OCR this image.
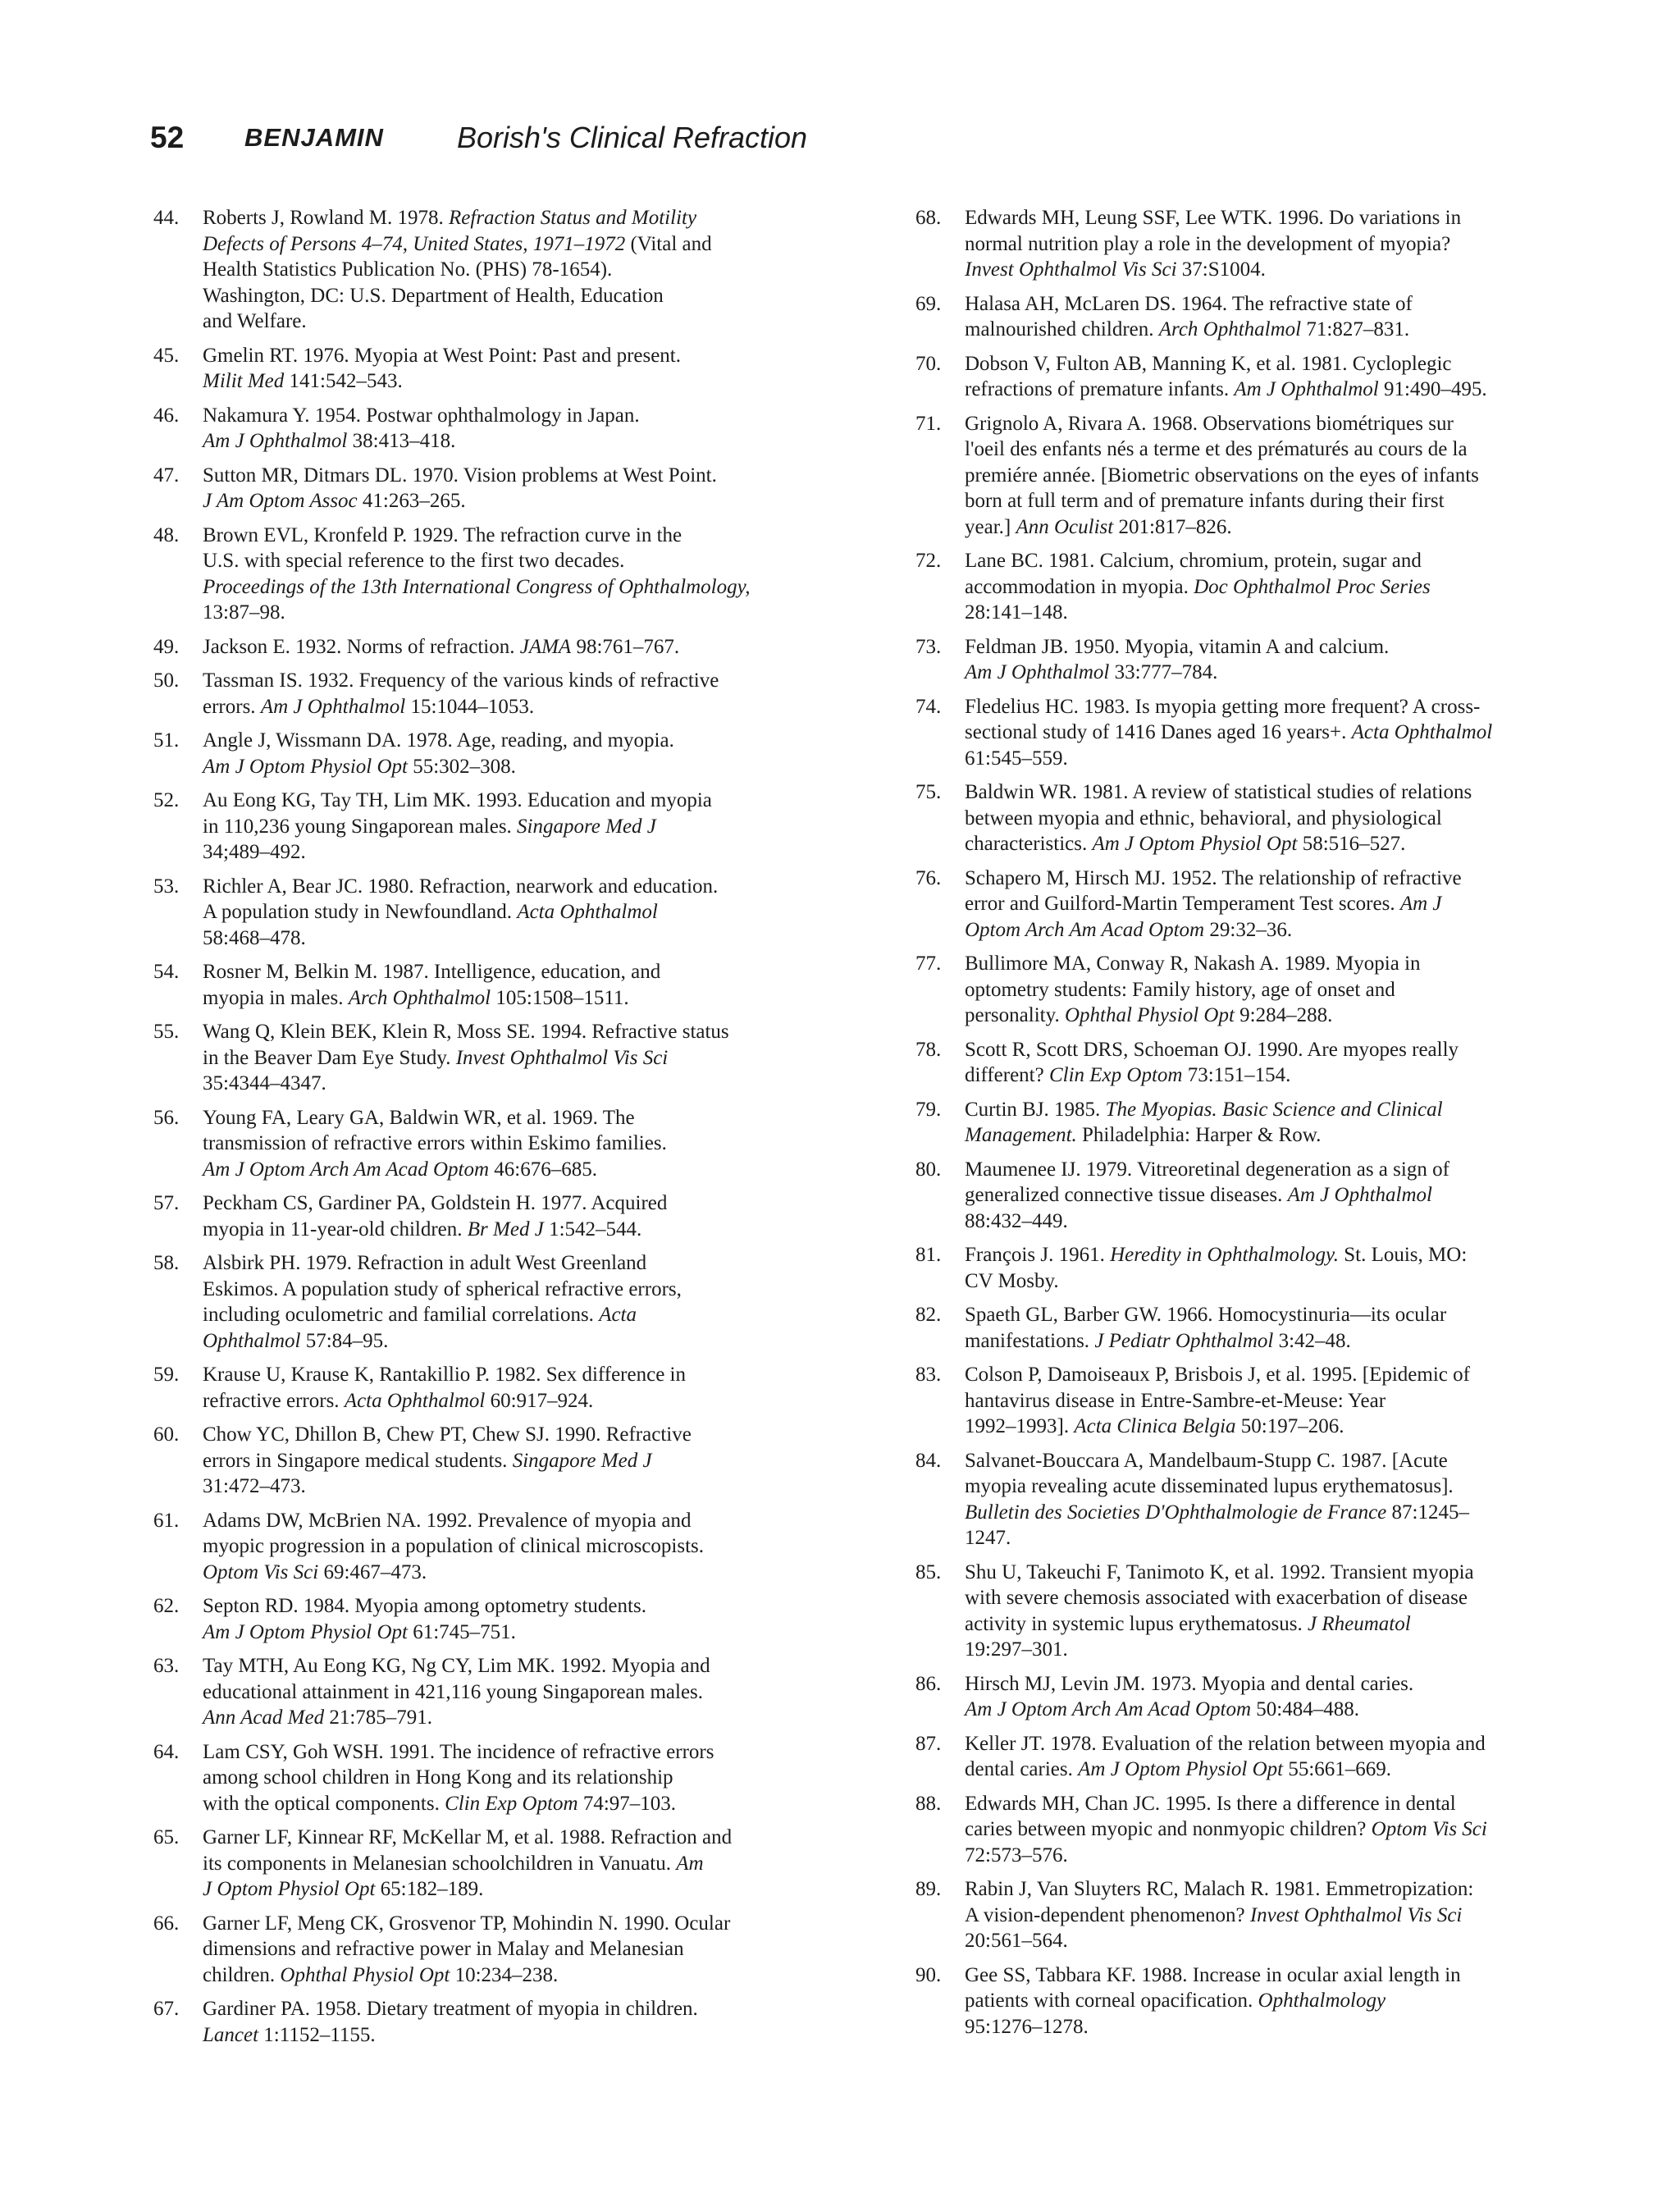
52 BENJAMIN Borish's Clinical Refraction
44. Roberts J, Rowland M. 1978. Refraction Status and Motility
Defects of Persons 4–74, United States, 1971–1972 (Vital and
Health Statistics Publication No. (PHS) 78-1654).
Washington, DC: U.S. Department of Health, Education
and Welfare.
45. Gmelin RT. 1976. Myopia at West Point: Past and present.
Milit Med 141:542–543.
46. Nakamura Y. 1954. Postwar ophthalmology in Japan.
Am J Ophthalmol 38:413–418.
47. Sutton MR, Ditmars DL. 1970. Vision problems at West Point.
J Am Optom Assoc 41:263–265.
48. Brown EVL, Kronfeld P. 1929. The refraction curve in the
U.S. with special reference to the first two decades.
Proceedings of the 13th International Congress of Ophthalmology,
13:87–98.
49. Jackson E. 1932. Norms of refraction. JAMA 98:761–767.
50. Tassman IS. 1932. Frequency of the various kinds of refractive
errors. Am J Ophthalmol 15:1044–1053.
51. Angle J, Wissmann DA. 1978. Age, reading, and myopia.
Am J Optom Physiol Opt 55:302–308.
52. Au Eong KG, Tay TH, Lim MK. 1993. Education and myopia
in 110,236 young Singaporean males. Singapore Med J
34;489–492.
53. Richler A, Bear JC. 1980. Refraction, nearwork and education.
A population study in Newfoundland. Acta Ophthalmol
58:468–478.
54. Rosner M, Belkin M. 1987. Intelligence, education, and
myopia in males. Arch Ophthalmol 105:1508–1511.
55. Wang Q, Klein BEK, Klein R, Moss SE. 1994. Refractive status
in the Beaver Dam Eye Study. Invest Ophthalmol Vis Sci
35:4344–4347.
56. Young FA, Leary GA, Baldwin WR, et al. 1969. The
transmission of refractive errors within Eskimo families.
Am J Optom Arch Am Acad Optom 46:676–685.
57. Peckham CS, Gardiner PA, Goldstein H. 1977. Acquired
myopia in 11-year-old children. Br Med J 1:542–544.
58. Alsbirk PH. 1979. Refraction in adult West Greenland
Eskimos. A population study of spherical refractive errors,
including oculometric and familial correlations. Acta
Ophthalmol 57:84–95.
59. Krause U, Krause K, Rantakillio P. 1982. Sex difference in
refractive errors. Acta Ophthalmol 60:917–924.
60. Chow YC, Dhillon B, Chew PT, Chew SJ. 1990. Refractive
errors in Singapore medical students. Singapore Med J
31:472–473.
61. Adams DW, McBrien NA. 1992. Prevalence of myopia and
myopic progression in a population of clinical microscopists.
Optom Vis Sci 69:467–473.
62. Septon RD. 1984. Myopia among optometry students.
Am J Optom Physiol Opt 61:745–751.
63. Tay MTH, Au Eong KG, Ng CY, Lim MK. 1992. Myopia and
educational attainment in 421,116 young Singaporean males.
Ann Acad Med 21:785–791.
64. Lam CSY, Goh WSH. 1991. The incidence of refractive errors
among school children in Hong Kong and its relationship
with the optical components. Clin Exp Optom 74:97–103.
65. Garner LF, Kinnear RF, McKellar M, et al. 1988. Refraction and
its components in Melanesian schoolchildren in Vanuatu. Am
J Optom Physiol Opt 65:182–189.
66. Garner LF, Meng CK, Grosvenor TP, Mohindin N. 1990. Ocular
dimensions and refractive power in Malay and Melanesian
children. Ophthal Physiol Opt 10:234–238.
67. Gardiner PA. 1958. Dietary treatment of myopia in children.
Lancet 1:1152–1155.
68. Edwards MH, Leung SSF, Lee WTK. 1996. Do variations in
normal nutrition play a role in the development of myopia?
Invest Ophthalmol Vis Sci 37:S1004.
69. Halasa AH, McLaren DS. 1964. The refractive state of
malnourished children. Arch Ophthalmol 71:827–831.
70. Dobson V, Fulton AB, Manning K, et al. 1981. Cycloplegic
refractions of premature infants. Am J Ophthalmol 91:490–495.
71. Grignolo A, Rivara A. 1968. Observations biométriques sur
l'oeil des enfants nés a terme et des prématurés au cours de la
premiére année. [Biometric observations on the eyes of infants
born at full term and of premature infants during their first
year.] Ann Oculist 201:817–826.
72. Lane BC. 1981. Calcium, chromium, protein, sugar and
accommodation in myopia. Doc Ophthalmol Proc Series
28:141–148.
73. Feldman JB. 1950. Myopia, vitamin A and calcium.
Am J Ophthalmol 33:777–784.
74. Fledelius HC. 1983. Is myopia getting more frequent? A cross-
sectional study of 1416 Danes aged 16 years+. Acta Ophthalmol
61:545–559.
75. Baldwin WR. 1981. A review of statistical studies of relations
between myopia and ethnic, behavioral, and physiological
characteristics. Am J Optom Physiol Opt 58:516–527.
76. Schapero M, Hirsch MJ. 1952. The relationship of refractive
error and Guilford-Martin Temperament Test scores. Am J
Optom Arch Am Acad Optom 29:32–36.
77. Bullimore MA, Conway R, Nakash A. 1989. Myopia in
optometry students: Family history, age of onset and
personality. Ophthal Physiol Opt 9:284–288.
78. Scott R, Scott DRS, Schoeman OJ. 1990. Are myopes really
different? Clin Exp Optom 73:151–154.
79. Curtin BJ. 1985. The Myopias. Basic Science and Clinical
Management. Philadelphia: Harper & Row.
80. Maumenee IJ. 1979. Vitreoretinal degeneration as a sign of
generalized connective tissue diseases. Am J Ophthalmol
88:432–449.
81. François J. 1961. Heredity in Ophthalmology. St. Louis, MO:
CV Mosby.
82. Spaeth GL, Barber GW. 1966. Homocystinuria—its ocular
manifestations. J Pediatr Ophthalmol 3:42–48.
83. Colson P, Damoiseaux P, Brisbois J, et al. 1995. [Epidemic of
hantavirus disease in Entre-Sambre-et-Meuse: Year
1992–1993]. Acta Clinica Belgia 50:197–206.
84. Salvanet-Bouccara A, Mandelbaum-Stupp C. 1987. [Acute
myopia revealing acute disseminated lupus erythematosus].
Bulletin des Societies D'Ophthalmologie de France 87:1245–
1247.
85. Shu U, Takeuchi F, Tanimoto K, et al. 1992. Transient myopia
with severe chemosis associated with exacerbation of disease
activity in systemic lupus erythematosus. J Rheumatol
19:297–301.
86. Hirsch MJ, Levin JM. 1973. Myopia and dental caries.
Am J Optom Arch Am Acad Optom 50:484–488.
87. Keller JT. 1978. Evaluation of the relation between myopia and
dental caries. Am J Optom Physiol Opt 55:661–669.
88. Edwards MH, Chan JC. 1995. Is there a difference in dental
caries between myopic and nonmyopic children? Optom Vis Sci
72:573–576.
89. Rabin J, Van Sluyters RC, Malach R. 1981. Emmetropization:
A vision-dependent phenomenon? Invest Ophthalmol Vis Sci
20:561–564.
90. Gee SS, Tabbara KF. 1988. Increase in ocular axial length in
patients with corneal opacification. Ophthalmology
95:1276–1278.
